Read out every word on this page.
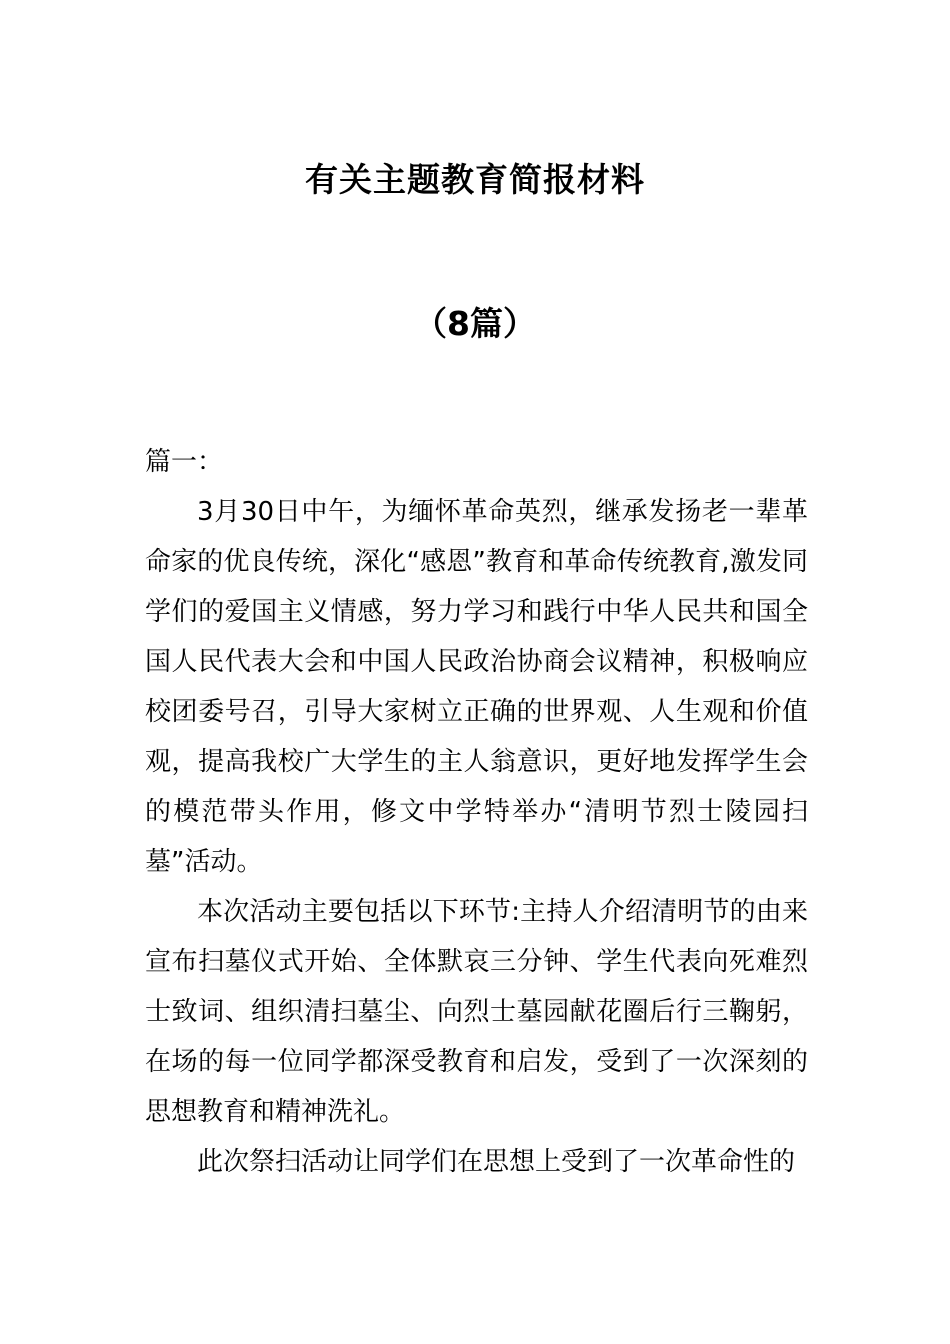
有关主题教育简报材料
（8篇）

篇一：

3月30日中午，为缅怀革命英烈，继承发扬老一辈革命家的优良传统，深化“感恩”教育和革命传统教育,激发同学们的爱国主义情感，努力学习和践行中华人民共和国全国人民代表大会和中国人民政治协商会议精神，积极响应校团委号召，引导大家树立正确的世界观、人生观和价值观，提高我校广大学生的主人翁意识，更好地发挥学生会的模范带头作用，修文中学特举办“清明节烈士陵园扫墓”活动。

本次活动主要包括以下环节:主持人介绍清明节的由来宣布扫墓仪式开始、全体默哀三分钟、学生代表向死难烈士致词、组织清扫墓尘、向烈士墓园献花圈后行三鞠躬，在场的每一位同学都深受教育和启发，受到了一次深刻的思想教育和精神洗礼。

此次祭扫活动让同学们在思想上受到了一次革命性的
